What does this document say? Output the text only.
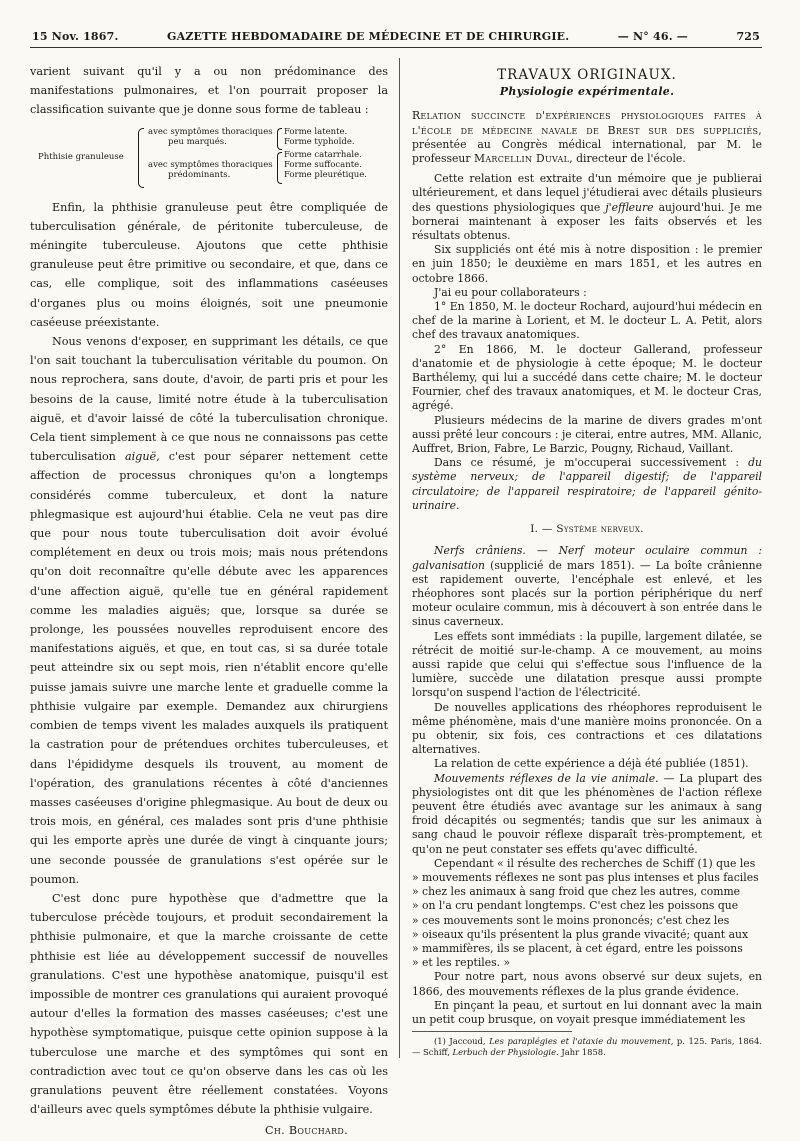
15 Nov. 1867.	GAZETTE HEBDOMADAIRE DE MÉDECINE ET DE CHIRURGIE.	— N° 46. —	725

varient suivant qu'il y a ou non prédominance des manifestations pulmonaires, et l'on pourrait proposer la classification suivante que je donne sous forme de tableau :

Phthisie granuleuse
avec symptômes thoraciques
peu marqués.
Forme latente.
Forme typhoïde.
avec symptômes thoraciques
prédominants.
Forme catarrhale.
Forme suffocante.
Forme pleurétique.

Enfin, la phthisie granuleuse peut être compliquée de tuberculisation générale, de péritonite tuberculeuse, de méningite tuberculeuse. Ajoutons que cette phthisie granuleuse peut être primitive ou secondaire, et que, dans ce cas, elle complique, soit des inflammations caséeuses d'organes plus ou moins éloignés, soit une pneumonie caséeuse préexistante.

Nous venons d'exposer, en supprimant les détails, ce que l'on sait touchant la tuberculisation véritable du poumon. On nous reprochera, sans doute, d'avoir, de parti pris et pour les besoins de la cause, limité notre étude à la tuberculisation aiguë, et d'avoir laissé de côté la tuberculisation chronique. Cela tient simplement à ce que nous ne connaissons pas cette tuberculisation aiguë, c'est pour séparer nettement cette affection de processus chroniques qu'on a longtemps considérés comme tuberculeux, et dont la nature phlegmasique est aujourd'hui établie. Cela ne veut pas dire que pour nous toute tuberculisation doit avoir évolué complétement en deux ou trois mois; mais nous prétendons qu'on doit reconnaître qu'elle débute avec les apparences d'une affection aiguë, qu'elle tue en général rapidement comme les maladies aiguës; que, lorsque sa durée se prolonge, les poussées nouvelles reproduisent encore des manifestations aiguës, et que, en tout cas, si sa durée totale peut atteindre six ou sept mois, rien n'établit encore qu'elle puisse jamais suivre une marche lente et graduelle comme la phthisie vulgaire par exemple. Demandez aux chirurgiens combien de temps vivent les malades auxquels ils pratiquent la castration pour de prétendues orchites tuberculeuses, et dans l'épididyme desquels ils trouvent, au moment de l'opération, des granulations récentes à côté d'anciennes masses caséeuses d'origine phlegmasique. Au bout de deux ou trois mois, en général, ces malades sont pris d'une phthisie qui les emporte après une durée de vingt à cinquante jours; une seconde poussée de granulations s'est opérée sur le poumon.

C'est donc pure hypothèse que d'admettre que la tuberculose précède toujours, et produit secondairement la phthisie pulmonaire, et que la marche croissante de cette phthisie est liée au développement successif de nouvelles granulations. C'est une hypothèse anatomique, puisqu'il est impossible de montrer ces granulations qui auraient provoqué autour d'elles la formation des masses caséeuses; c'est une hypothèse symptomatique, puisque cette opinion suppose à la tuberculose une marche et des symptômes qui sont en contradiction avec tout ce qu'on observe dans les cas où les granulations peuvent être réellement constatées. Voyons d'ailleurs avec quels symptômes débute la phthisie vulgaire.

Ch. Bouchard.

TRAVAUX ORIGINAUX.

Physiologie expérimentale.

Relation succincte d'expériences physiologiques faites à l'école de médecine navale de Brest sur des suppliciés, présentée au Congrès médical international, par M. le professeur Marcellin Duval, directeur de l'école.

Cette relation est extraite d'un mémoire que je publierai ultérieurement, et dans lequel j'étudierai avec détails plusieurs des questions physiologiques que j'effleure aujourd'hui. Je me bornerai maintenant à exposer les faits observés et les résultats obtenus.

Six suppliciés ont été mis à notre disposition : le premier en juin 1850; le deuxième en mars 1851, et les autres en octobre 1866.

J'ai eu pour collaborateurs :

1° En 1850, M. le docteur Rochard, aujourd'hui médecin en chef de la marine à Lorient, et M. le docteur L. A. Petit, alors chef des travaux anatomiques.

2° En 1866, M. le docteur Gallerand, professeur d'anatomie et de physiologie à cette époque; M. le docteur Barthélemy, qui lui a succédé dans cette chaire; M. le docteur Fournier, chef des travaux anatomiques, et M. le docteur Cras, agrégé.

Plusieurs médecins de la marine de divers grades m'ont aussi prêté leur concours : je citerai, entre autres, MM. Allanic, Auffret, Brion, Fabre, Le Barzic, Pougny, Richaud, Vaillant.

Dans ce résumé, je m'occuperai successivement : du système nerveux; de l'appareil digestif; de l'appareil circulatoire; de l'appareil respiratoire; de l'appareil génito-urinaire.

I. — Système nerveux.

Nerfs crâniens. — Nerf moteur oculaire commun : galvanisation (supplicié de mars 1851). — La boîte crânienne est rapidement ouverte, l'encéphale est enlevé, et les rhéophores sont placés sur la portion périphérique du nerf moteur oculaire commun, mis à découvert à son entrée dans le sinus caverneux.

Les effets sont immédiats : la pupille, largement dilatée, se rétrécit de moitié sur-le-champ. A ce mouvement, au moins aussi rapide que celui qui s'effectue sous l'influence de la lumière, succède une dilatation presque aussi prompte lorsqu'on suspend l'action de l'électricité.

De nouvelles applications des rhéophores reproduisent le même phénomène, mais d'une manière moins prononcée. On a pu obtenir, six fois, ces contractions et ces dilatations alternatives.

La relation de cette expérience a déjà été publiée (1851).

Mouvements réflexes de la vie animale. — La plupart des physiologistes ont dit que les phénomènes de l'action réflexe peuvent être étudiés avec avantage sur les animaux à sang froid décapités ou segmentés; tandis que sur les animaux à sang chaud le pouvoir réflexe disparaît très-promptement, et qu'on ne peut constater ses effets qu'avec difficulté.

Cependant « il résulte des recherches de Schiff (1) que les

» mouvements réflexes ne sont pas plus intenses et plus faciles

» chez les animaux à sang froid que chez les autres, comme

» on l'a cru pendant longtemps. C'est chez les poissons que

» ces mouvements sont le moins prononcés; c'est chez les

» oiseaux qu'ils présentent la plus grande vivacité; quant aux

» mammifères, ils se placent, à cet égard, entre les poissons

» et les reptiles. »

Pour notre part, nous avons observé sur deux sujets, en 1866, des mouvements réflexes de la plus grande évidence.

En pinçant la peau, et surtout en lui donnant avec la main un petit coup brusque, on voyait presque immédiatement les

(1) Jaccoud, Les paraplégies et l'ataxie du mouvement, p. 125. Paris, 1864. — Schiff, Lerbuch der Physiologie. Jahr 1858.
